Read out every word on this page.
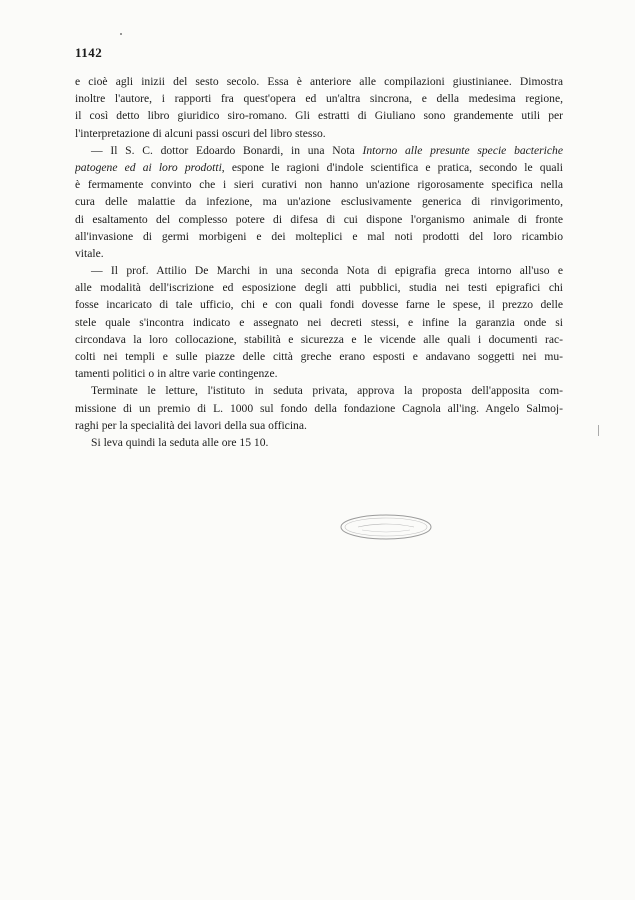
1142
e cioè agli inizii del sesto secolo. Essa è anteriore alle compilazioni giustinianee. Dimostra
inoltre l'autore, i rapporti fra quest'opera ed un'altra sincrona, e della medesima regione,
il così detto libro giuridico siro-romano. Gli estratti di Giuliano sono grandemente utili per
l'interpretazione di alcuni passi oscuri del libro stesso.
— Il S. C. dottor Edoardo Bonardi, in una Nota Intorno alle presunte specie bacteriche
patogene ed ai loro prodotti, espone le ragioni d'indole scientifica e pratica, secondo le quali
è fermamente convinto che i sieri curativi non hanno un'azione rigorosamente specifica nella
cura delle malattie da infezione, ma un'azione esclusivamente generica di rinvigorimento,
di esaltamento del complesso potere di difesa di cui dispone l'organismo animale di fronte
all'invasione di germi morbigeni e dei molteplici e mal noti prodotti del loro ricambio
vitale.
— Il prof. Attilio De Marchi in una seconda Nota di epigrafia greca intorno all'uso e
alle modalità dell'iscrizione ed esposizione degli atti pubblici, studia nei testi epigrafici chi
fosse incaricato di tale ufficio, chi e con quali fondi dovesse farne le spese, il prezzo delle
stele quale s'incontra indicato e assegnato nei decreti stessi, e infine la garanzia onde si
circondava la loro collocazione, stabilità e sicurezza e le vicende alle quali i documenti rac-
colti nei templi e sulle piazze delle città greche erano esposti e andavano soggetti nei mu-
tamenti politici o in altre varie contingenze.
Terminate le letture, l'istituto in seduta privata, approva la proposta dell'apposita com-
missione di un premio di L. 1000 sul fondo della fondazione Cagnola all'ing. Angelo Salmoj-
raghi per la specialità dei lavori della sua officina.
Si leva quindi la seduta alle ore 15 10.
